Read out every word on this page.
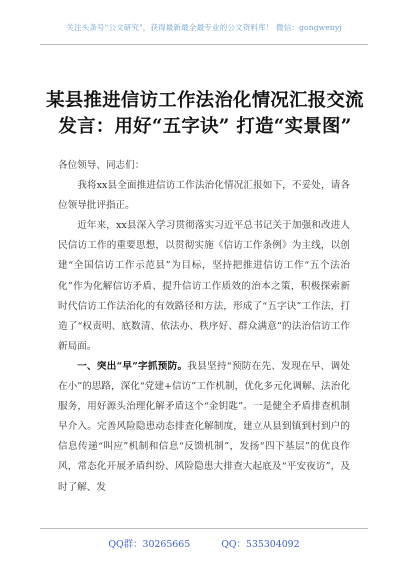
关注头条号"公文研究"，获得最新最全最专业的公文资料库！ 微信：gongwenyj
某县推进信访工作法治化情况汇报交流发言：用好“五字诀” 打造“实景图”

各位领导、同志们：

我将xx县全面推进信访工作法治化情况汇报如下，不妥处，请各位领导批评指正。

近年来，xx县深入学习贯彻落实习近平总书记关于加强和改进人民信访工作的重要思想，以贯彻实施《信访工作条例》为主线，以创建“全国信访工作示范县”为目标，坚持把推进信访工作“五个法治化”作为化解信访矛盾、提升信访工作质效的治本之策，积极探索新时代信访工作法治化的有效路径和方法，形成了“五字诀”工作法，打造了“权责明、底数清、依法办、秩序好、群众满意”的法治信访工作新局面。

一、突出“早”字抓预防。我县坚持“预防在先、发现在早、调处在小”的思路，深化“党建+信访”工作机制，优化多元化调解、法治化服务，用好源头治理化解矛盾这个“金钥匙”。一是健全矛盾排查机制早介入。完善风险隐患动态排查化解制度，建立从县到镇到村到户的信息传递“叫应”机制和信息“反馈机制”，发扬“四下基层”的优良作风，常态化开展矛盾纠纷、风险隐患大排查大起底及“平安夜访”，及时了解、发

QQ群：30265665	QQ：535304092
